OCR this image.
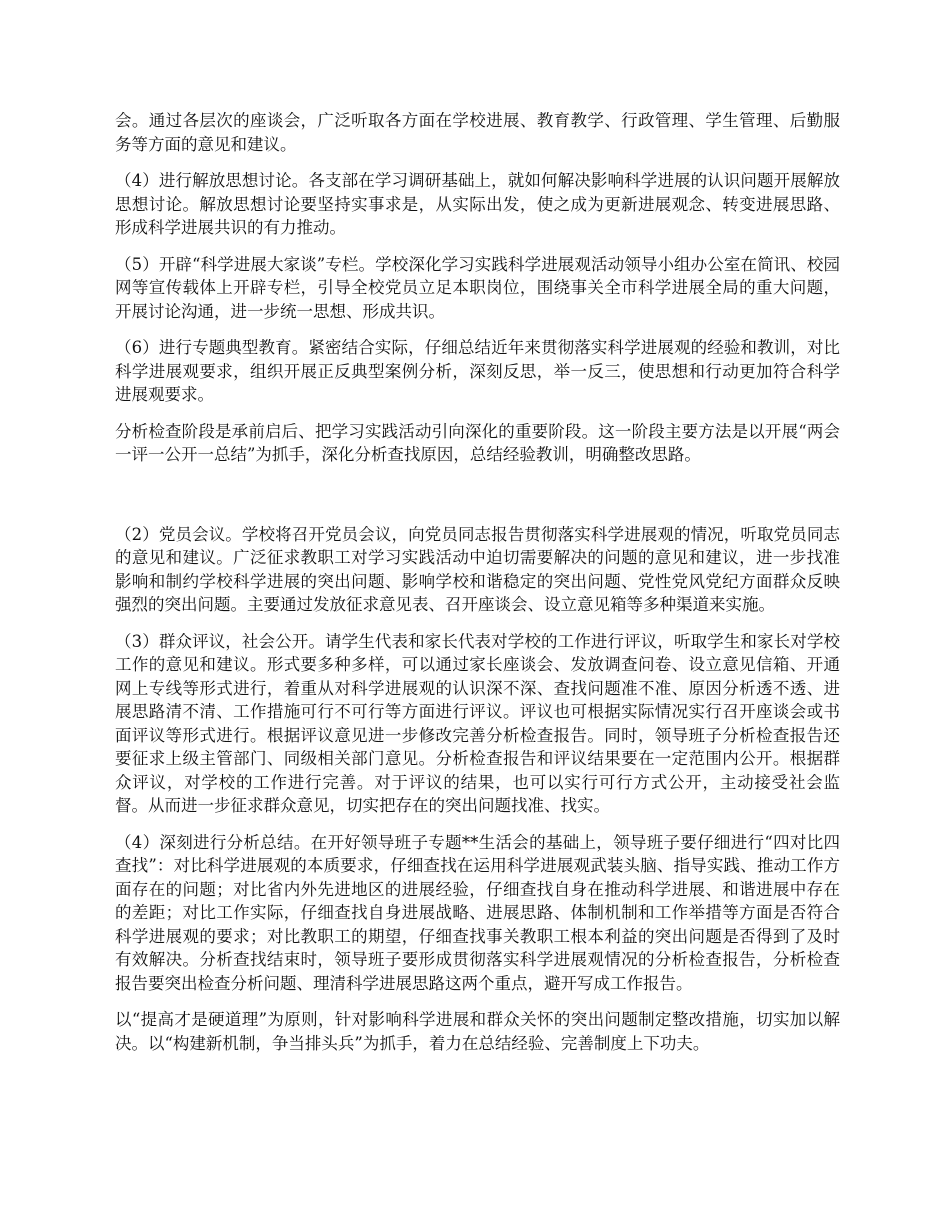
会。通过各层次的座谈会，广泛听取各方面在学校进展、教育教学、行政管理、学生管理、后勤服务等方面的意见和建议。

（4）进行解放思想讨论。各支部在学习调研基础上，就如何解决影响科学进展的认识问题开展解放思想讨论。解放思想讨论要坚持实事求是，从实际出发，使之成为更新进展观念、转变进展思路、形成科学进展共识的有力推动。

（5）开辟“科学进展大家谈”专栏。学校深化学习实践科学进展观活动领导小组办公室在简讯、校园网等宣传载体上开辟专栏，引导全校党员立足本职岗位，围绕事关全市科学进展全局的重大问题，开展讨论沟通，进一步统一思想、形成共识。

（6）进行专题典型教育。紧密结合实际，仔细总结近年来贯彻落实科学进展观的经验和教训，对比科学进展观要求，组织开展正反典型案例分析，深刻反思，举一反三，使思想和行动更加符合科学进展观要求。

分析检查阶段是承前启后、把学习实践活动引向深化的重要阶段。这一阶段主要方法是以开展“两会一评一公开一总结”为抓手，深化分析查找原因，总结经验教训，明确整改思路。

（2）党员会议。学校将召开党员会议，向党员同志报告贯彻落实科学进展观的情况，听取党员同志的意见和建议。广泛征求教职工对学习实践活动中迫切需要解决的问题的意见和建议，进一步找准影响和制约学校科学进展的突出问题、影响学校和谐稳定的突出问题、党性党风党纪方面群众反映强烈的突出问题。主要通过发放征求意见表、召开座谈会、设立意见箱等多种渠道来实施。

（3）群众评议，社会公开。请学生代表和家长代表对学校的工作进行评议，听取学生和家长对学校工作的意见和建议。形式要多种多样，可以通过家长座谈会、发放调查问卷、设立意见信箱、开通网上专线等形式进行，着重从对科学进展观的认识深不深、查找问题准不准、原因分析透不透、进展思路清不清、工作措施可行不可行等方面进行评议。评议也可根据实际情况实行召开座谈会或书面评议等形式进行。根据评议意见进一步修改完善分析检查报告。同时，领导班子分析检查报告还要征求上级主管部门、同级相关部门意见。分析检查报告和评议结果要在一定范围内公开。根据群众评议，对学校的工作进行完善。对于评议的结果，也可以实行可行方式公开，主动接受社会监督。从而进一步征求群众意见，切实把存在的突出问题找准、找实。

（4）深刻进行分析总结。在开好领导班子专题**生活会的基础上，领导班子要仔细进行“四对比四查找”：对比科学进展观的本质要求，仔细查找在运用科学进展观武装头脑、指导实践、推动工作方面存在的问题；对比省内外先进地区的进展经验，仔细查找自身在推动科学进展、和谐进展中存在的差距；对比工作实际，仔细查找自身进展战略、进展思路、体制机制和工作举措等方面是否符合科学进展观的要求；对比教职工的期望，仔细查找事关教职工根本利益的突出问题是否得到了及时有效解决。分析查找结束时，领导班子要形成贯彻落实科学进展观情况的分析检查报告，分析检查报告要突出检查分析问题、理清科学进展思路这两个重点，避开写成工作报告。

以“提高才是硬道理”为原则，针对影响科学进展和群众关怀的突出问题制定整改措施，切实加以解决。以“构建新机制，争当排头兵”为抓手，着力在总结经验、完善制度上下功夫。
